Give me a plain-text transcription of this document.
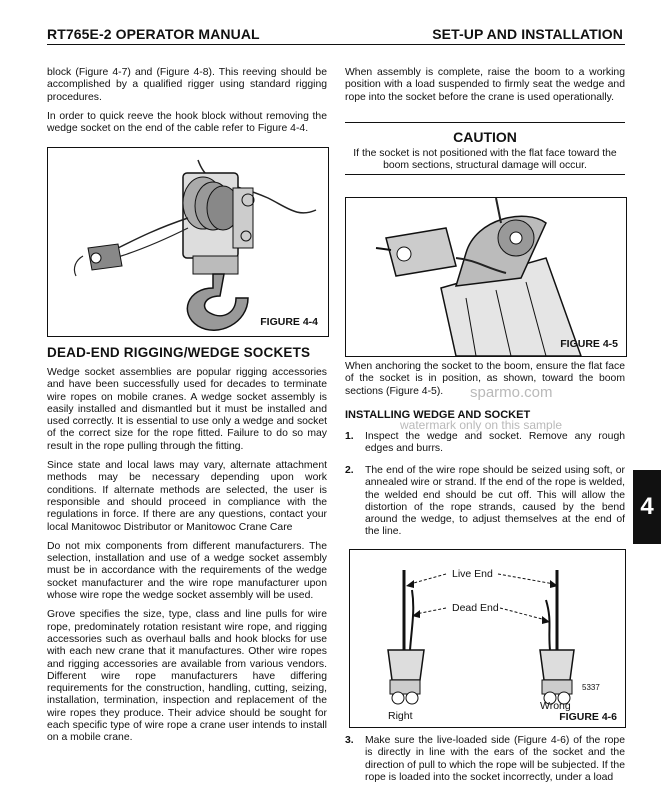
RT765E-2 OPERATOR MANUAL	SET-UP AND INSTALLATION

block (Figure 4-7) and (Figure 4-8). This reeving should be accomplished by a qualified rigger using standard rigging procedures.

In order to quick reeve the hook block without removing the wedge socket on the end of the cable refer to Figure 4-4.

FIGURE 4-4
DEAD-END RIGGING/WEDGE SOCKETS

Wedge socket assemblies are popular rigging accessories and have been successfully used for decades to terminate wire ropes on mobile cranes. A wedge socket assembly is easily installed and dismantled but it must be installed and used correctly. It is essential to use only a wedge and socket of the correct size for the rope fitted. Failure to do so may result in the rope pulling through the fitting.

Since state and local laws may vary, alternate attachment methods may be necessary depending upon work conditions. If alternate methods are selected, the user is responsible and should proceed in compliance with the regulations in force. If there are any questions, contact your local Manitowoc Distributor or Manitowoc Crane Care

Do not mix components from different manufacturers. The selection, installation and use of a wedge socket assembly must be in accordance with the requirements of the wedge socket manufacturer and the wire rope manufacturer upon whose wire rope the wedge socket assembly will be used.

Grove specifies the size, type, class and line pulls for wire rope, predominately rotation resistant wire rope, and rigging accessories such as overhaul balls and hook blocks for use with each new crane that it manufactures. Other wire ropes and rigging accessories are available from various vendors. Different wire rope manufacturers have differing requirements for the construction, handling, cutting, seizing, installation, termination, inspection and replacement of the wire ropes they produce. Their advice should be sought for each specific type of wire rope a crane user intends to install on a mobile crane.

When assembly is complete, raise the boom to a working position with a load suspended to firmly seat the wedge and rope into the socket before the crane is used operationally.

CAUTION
If the socket is not positioned with the flat face toward the boom sections, structural damage will occur.
FIGURE 4-5

When anchoring the socket to the boom, ensure the flat face of the socket is in position, as shown, toward the boom sections (Figure 4-5).

INSTALLING WEDGE AND SOCKET
1. Inspect the wedge and socket. Remove any rough edges and burrs.
2. The end of the wire rope should be seized using soft, or annealed wire or strand. If the end of the rope is welded, the welded end should be cut off. This will allow the distortion of the rope strands, caused by the bend around the wedge, to adjust themselves at the end of the line.
Live End
Dead End
Right
Wrong
5337
FIGURE 4-6
3. Make sure the live-loaded side (Figure 4-6) of the rope is directly in line with the ears of the socket and the direction of pull to which the rope will be subjected. If the rope is loaded into the socket incorrectly, under a load
4
sparmo.com
watermark only on this sample
